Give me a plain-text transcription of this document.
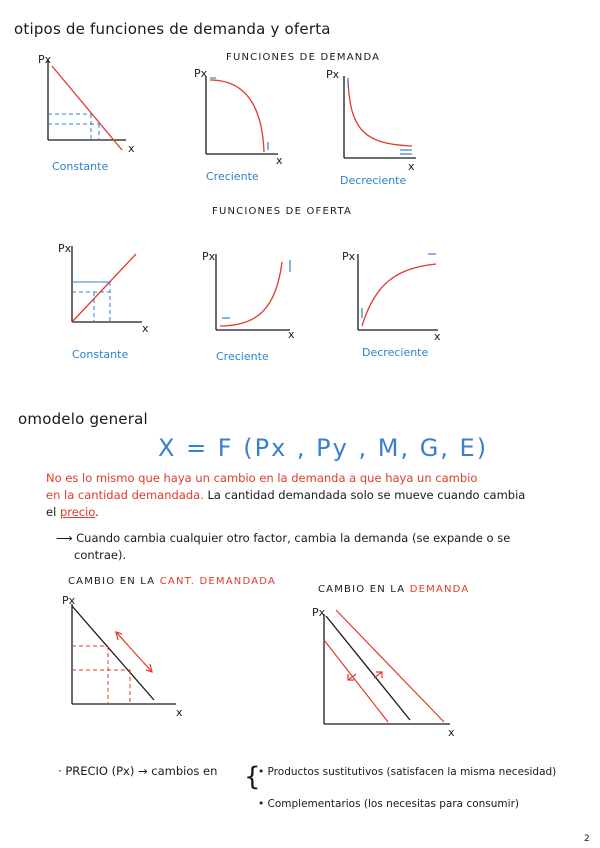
otipos de funciones de demanda y oferta
FUNCIONES DE DEMANDA
Px
x
Constante
Px
x
Creciente
Px
x
Decreciente
FUNCIONES DE OFERTA
Px
x
Constante
Px
x
Creciente
Px
x
Decreciente
omodelo general
X = F (Px , Py , M, G, E)
No es lo mismo que haya un cambio en la demanda a que haya un cambio
en la cantidad demandada. La cantidad demandada solo se mueve cuando cambia
el precio.
⟶ Cuando cambia cualquier otro factor, cambia la demanda (se expande o se
contrae).
CAMBIO EN LA CANT. DEMANDADA
Px
x
CAMBIO EN LA DEMANDA
Px
x
· PRECIO (Px) → cambios en {
• Productos sustitutivos (satisfacen la misma necesidad)
• Complementarios (los necesitas para consumir)
2
